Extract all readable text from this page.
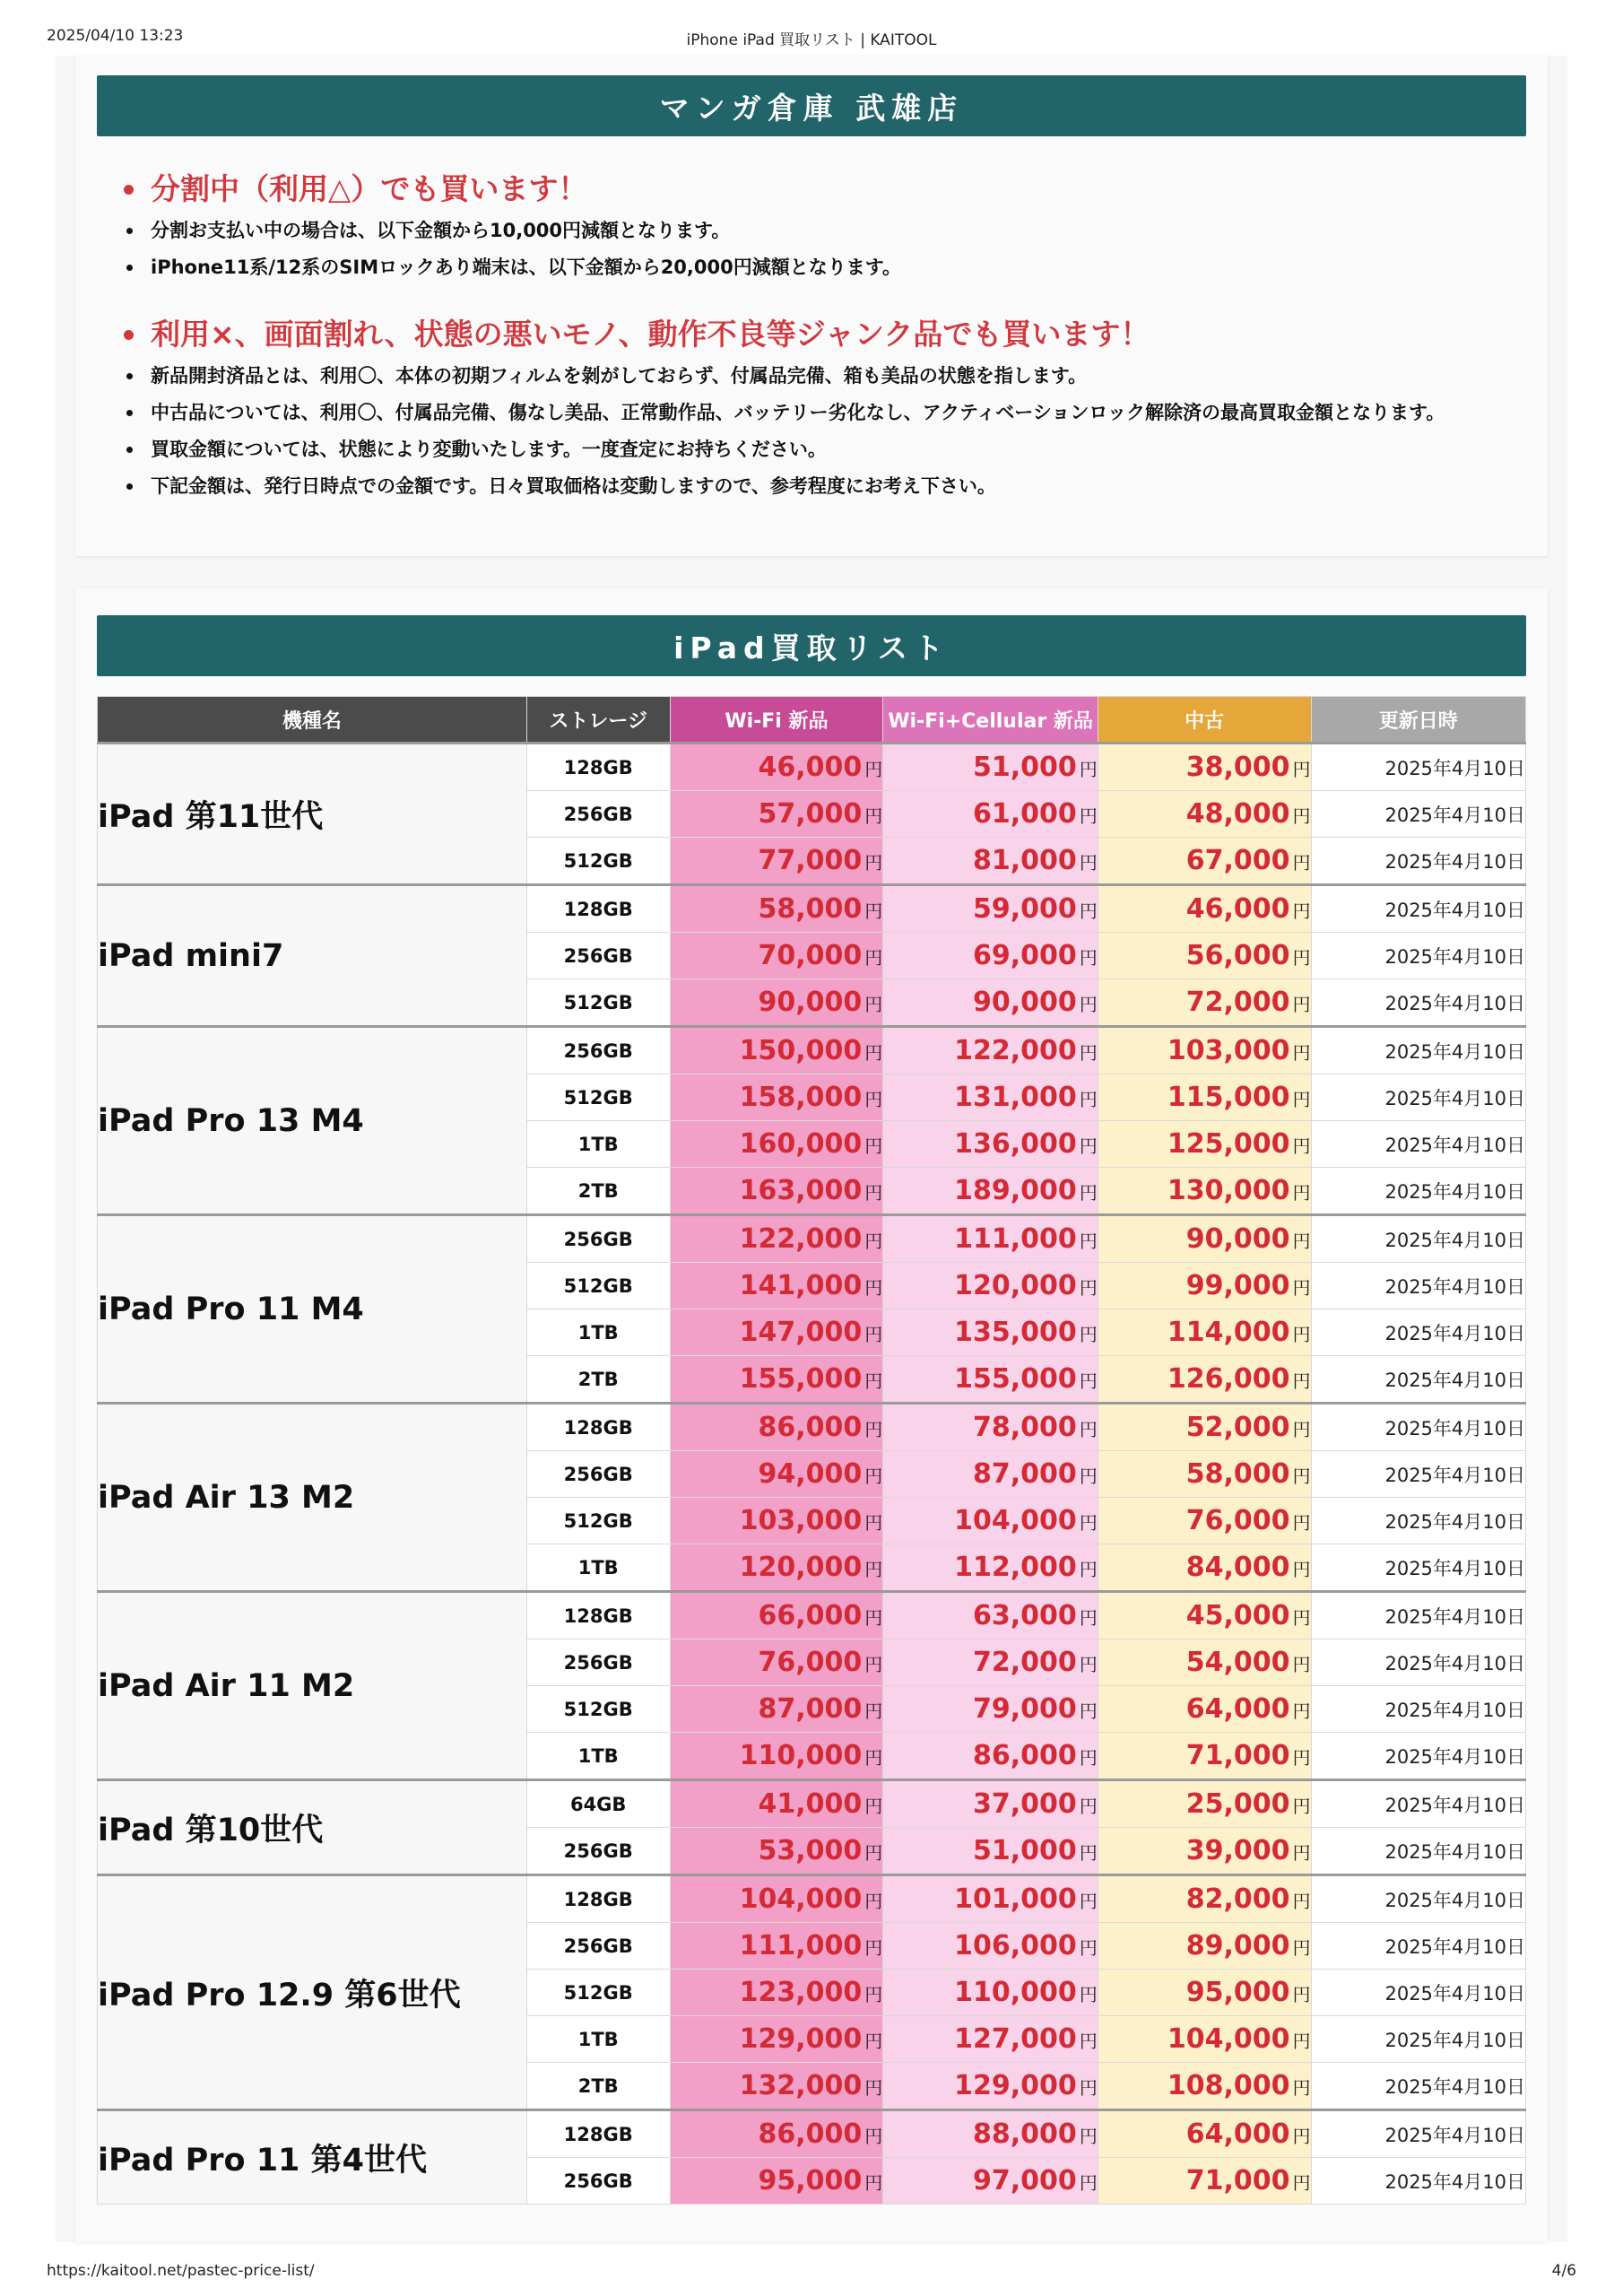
2025/04/10 13:23	iPhone iPad 買取リスト | KAITOOL
マンガ倉庫 武雄店
分割中（利用△）でも買います！
分割お支払い中の場合は、以下金額から10,000円減額となります。
iPhone11系/12系のSIMロックあり端末は、以下金額から20,000円減額となります。
利用×、画面割れ、状態の悪いモノ、動作不良等ジャンク品でも買います！
新品開封済品とは、利用〇、本体の初期フィルムを剝がしておらず、付属品完備、箱も美品の状態を指します。
中古品については、利用〇、付属品完備、傷なし美品、正常動作品、バッテリー劣化なし、アクティベーションロック解除済の最高買取金額となります。
買取金額については、状態により変動いたします。一度査定にお持ちください。
下記金額は、発行日時点での金額です。日々買取価格は変動しますので、参考程度にお考え下さい。
iPad買取リスト
機種名	ストレージ	Wi-Fi 新品	Wi-Fi+Cellular 新品	中古	更新日時
iPad 第11世代	128GB	46,000 円	51,000 円	38,000 円	2025年4月10日
	256GB	57,000 円	61,000 円	48,000 円	2025年4月10日
	512GB	77,000 円	81,000 円	67,000 円	2025年4月10日
iPad mini7	128GB	58,000 円	59,000 円	46,000 円	2025年4月10日
	256GB	70,000 円	69,000 円	56,000 円	2025年4月10日
	512GB	90,000 円	90,000 円	72,000 円	2025年4月10日
iPad Pro 13 M4	256GB	150,000 円	122,000 円	103,000 円	2025年4月10日
	512GB	158,000 円	131,000 円	115,000 円	2025年4月10日
	1TB	160,000 円	136,000 円	125,000 円	2025年4月10日
	2TB	163,000 円	189,000 円	130,000 円	2025年4月10日
iPad Pro 11 M4	256GB	122,000 円	111,000 円	90,000 円	2025年4月10日
	512GB	141,000 円	120,000 円	99,000 円	2025年4月10日
	1TB	147,000 円	135,000 円	114,000 円	2025年4月10日
	2TB	155,000 円	155,000 円	126,000 円	2025年4月10日
iPad Air 13 M2	128GB	86,000 円	78,000 円	52,000 円	2025年4月10日
	256GB	94,000 円	87,000 円	58,000 円	2025年4月10日
	512GB	103,000 円	104,000 円	76,000 円	2025年4月10日
	1TB	120,000 円	112,000 円	84,000 円	2025年4月10日
iPad Air 11 M2	128GB	66,000 円	63,000 円	45,000 円	2025年4月10日
	256GB	76,000 円	72,000 円	54,000 円	2025年4月10日
	512GB	87,000 円	79,000 円	64,000 円	2025年4月10日
	1TB	110,000 円	86,000 円	71,000 円	2025年4月10日
iPad 第10世代	64GB	41,000 円	37,000 円	25,000 円	2025年4月10日
	256GB	53,000 円	51,000 円	39,000 円	2025年4月10日
iPad Pro 12.9 第6世代	128GB	104,000 円	101,000 円	82,000 円	2025年4月10日
	256GB	111,000 円	106,000 円	89,000 円	2025年4月10日
	512GB	123,000 円	110,000 円	95,000 円	2025年4月10日
	1TB	129,000 円	127,000 円	104,000 円	2025年4月10日
	2TB	132,000 円	129,000 円	108,000 円	2025年4月10日
iPad Pro 11 第4世代	128GB	86,000 円	88,000 円	64,000 円	2025年4月10日
	256GB	95,000 円	97,000 円	71,000 円	2025年4月10日
https://kaitool.net/pastec-price-list/	4/6
